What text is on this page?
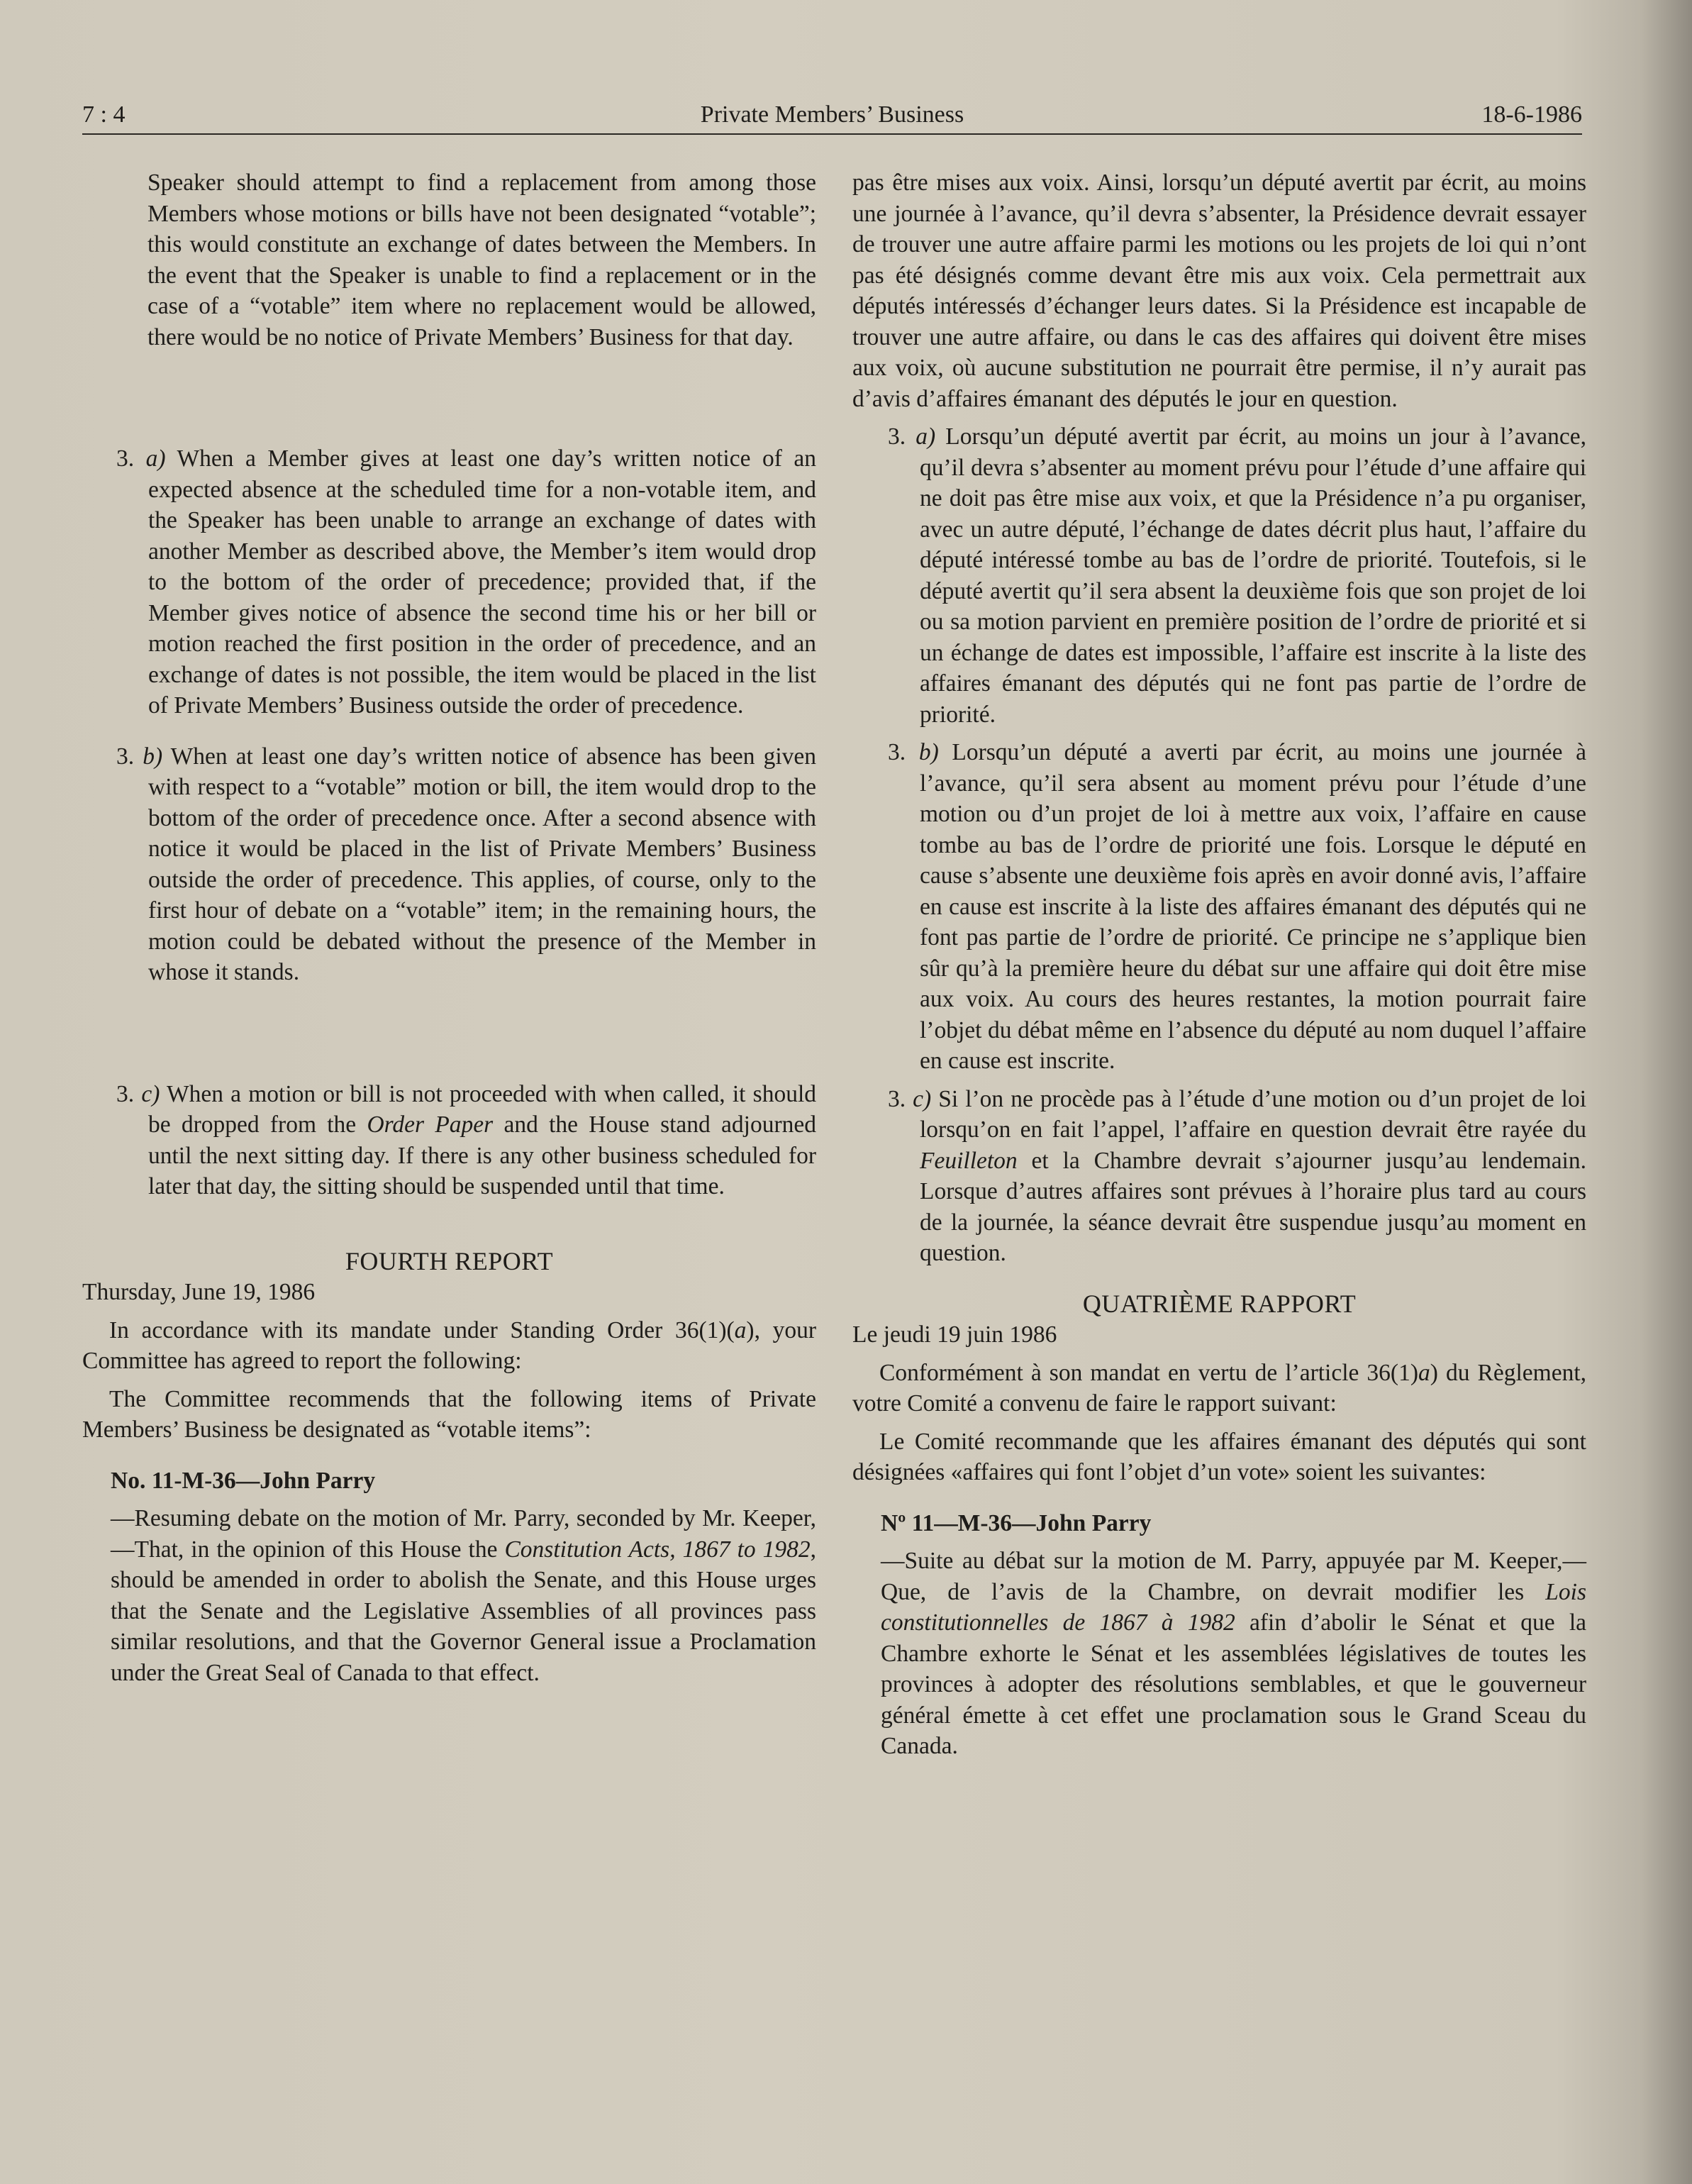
7 : 4	Private Members’ Business	18-6-1986

Speaker should attempt to find a replacement from among those Members whose motions or bills have not been designated “votable”; this would constitute an exchange of dates between the Members. In the event that the Speaker is unable to find a replacement or in the case of a “votable” item where no replacement would be allowed, there would be no notice of Private Members’ Business for that day.

3. a) When a Member gives at least one day’s written notice of an expected absence at the scheduled time for a non-votable item, and the Speaker has been unable to arrange an exchange of dates with another Member as described above, the Member’s item would drop to the bottom of the order of precedence; provided that, if the Member gives notice of absence the second time his or her bill or motion reached the first position in the order of precedence, and an exchange of dates is not possible, the item would be placed in the list of Private Members’ Business outside the order of precedence.

3. b) When at least one day’s written notice of absence has been given with respect to a “votable” motion or bill, the item would drop to the bottom of the order of precedence once. After a second absence with notice it would be placed in the list of Private Members’ Business outside the order of precedence. This applies, of course, only to the first hour of debate on a “votable” item; in the remaining hours, the motion could be debated without the presence of the Member in whose it stands.

3. c) When a motion or bill is not proceeded with when called, it should be dropped from the Order Paper and the House stand adjourned until the next sitting day. If there is any other business scheduled for later that day, the sitting should be suspended until that time.

FOURTH REPORT

Thursday, June 19, 1986

In accordance with its mandate under Standing Order 36(1)(a), your Committee has agreed to report the following:

The Committee recommends that the following items of Private Members’ Business be designated as “votable items”:

No. 11-M-36—John Parry

—Resuming debate on the motion of Mr. Parry, seconded by Mr. Keeper,—That, in the opinion of this House the Constitution Acts, 1867 to 1982, should be amended in order to abolish the Senate, and this House urges that the Senate and the Legislative Assemblies of all provinces pass similar resolutions, and that the Governor General issue a Proclamation under the Great Seal of Canada to that effect.

pas être mises aux voix. Ainsi, lorsqu’un député avertit par écrit, au moins une journée à l’avance, qu’il devra s’absenter, la Présidence devrait essayer de trouver une autre affaire parmi les motions ou les projets de loi qui n’ont pas été désignés comme devant être mis aux voix. Cela permettrait aux députés intéressés d’échanger leurs dates. Si la Présidence est incapable de trouver une autre affaire, ou dans le cas des affaires qui doivent être mises aux voix, où aucune substitution ne pourrait être permise, il n’y aurait pas d’avis d’affaires émanant des députés le jour en question.

3. a) Lorsqu’un député avertit par écrit, au moins un jour à l’avance, qu’il devra s’absenter au moment prévu pour l’étude d’une affaire qui ne doit pas être mise aux voix, et que la Présidence n’a pu organiser, avec un autre député, l’échange de dates décrit plus haut, l’affaire du député intéressé tombe au bas de l’ordre de priorité. Toutefois, si le député avertit qu’il sera absent la deuxième fois que son projet de loi ou sa motion parvient en première position de l’ordre de priorité et si un échange de dates est impossible, l’affaire est inscrite à la liste des affaires émanant des députés qui ne font pas partie de l’ordre de priorité.

3. b) Lorsqu’un député a averti par écrit, au moins une journée à l’avance, qu’il sera absent au moment prévu pour l’étude d’une motion ou d’un projet de loi à mettre aux voix, l’affaire en cause tombe au bas de l’ordre de priorité une fois. Lorsque le député en cause s’absente une deuxième fois après en avoir donné avis, l’affaire en cause est inscrite à la liste des affaires émanant des députés qui ne font pas partie de l’ordre de priorité. Ce principe ne s’applique bien sûr qu’à la première heure du débat sur une affaire qui doit être mise aux voix. Au cours des heures restantes, la motion pourrait faire l’objet du débat même en l’absence du député au nom duquel l’affaire en cause est inscrite.

3. c) Si l’on ne procède pas à l’étude d’une motion ou d’un projet de loi lorsqu’on en fait l’appel, l’affaire en question devrait être rayée du Feuilleton et la Chambre devrait s’ajourner jusqu’au lendemain. Lorsque d’autres affaires sont prévues à l’horaire plus tard au cours de la journée, la séance devrait être suspendue jusqu’au moment en question.

QUATRIÈME RAPPORT

Le jeudi 19 juin 1986

Conformément à son mandat en vertu de l’article 36(1)a) du Règlement, votre Comité a convenu de faire le rapport suivant:

Le Comité recommande que les affaires émanant des députés qui sont désignées «affaires qui font l’objet d’un vote» soient les suivantes:

Nº 11—M-36—John Parry

—Suite au débat sur la motion de M. Parry, appuyée par M. Keeper,—Que, de l’avis de la Chambre, on devrait modifier les Lois constitutionnelles de 1867 à 1982 afin d’abolir le Sénat et que la Chambre exhorte le Sénat et les assemblées législatives de toutes les provinces à adopter des résolutions semblables, et que le gouverneur général émette à cet effet une proclamation sous le Grand Sceau du Canada.
